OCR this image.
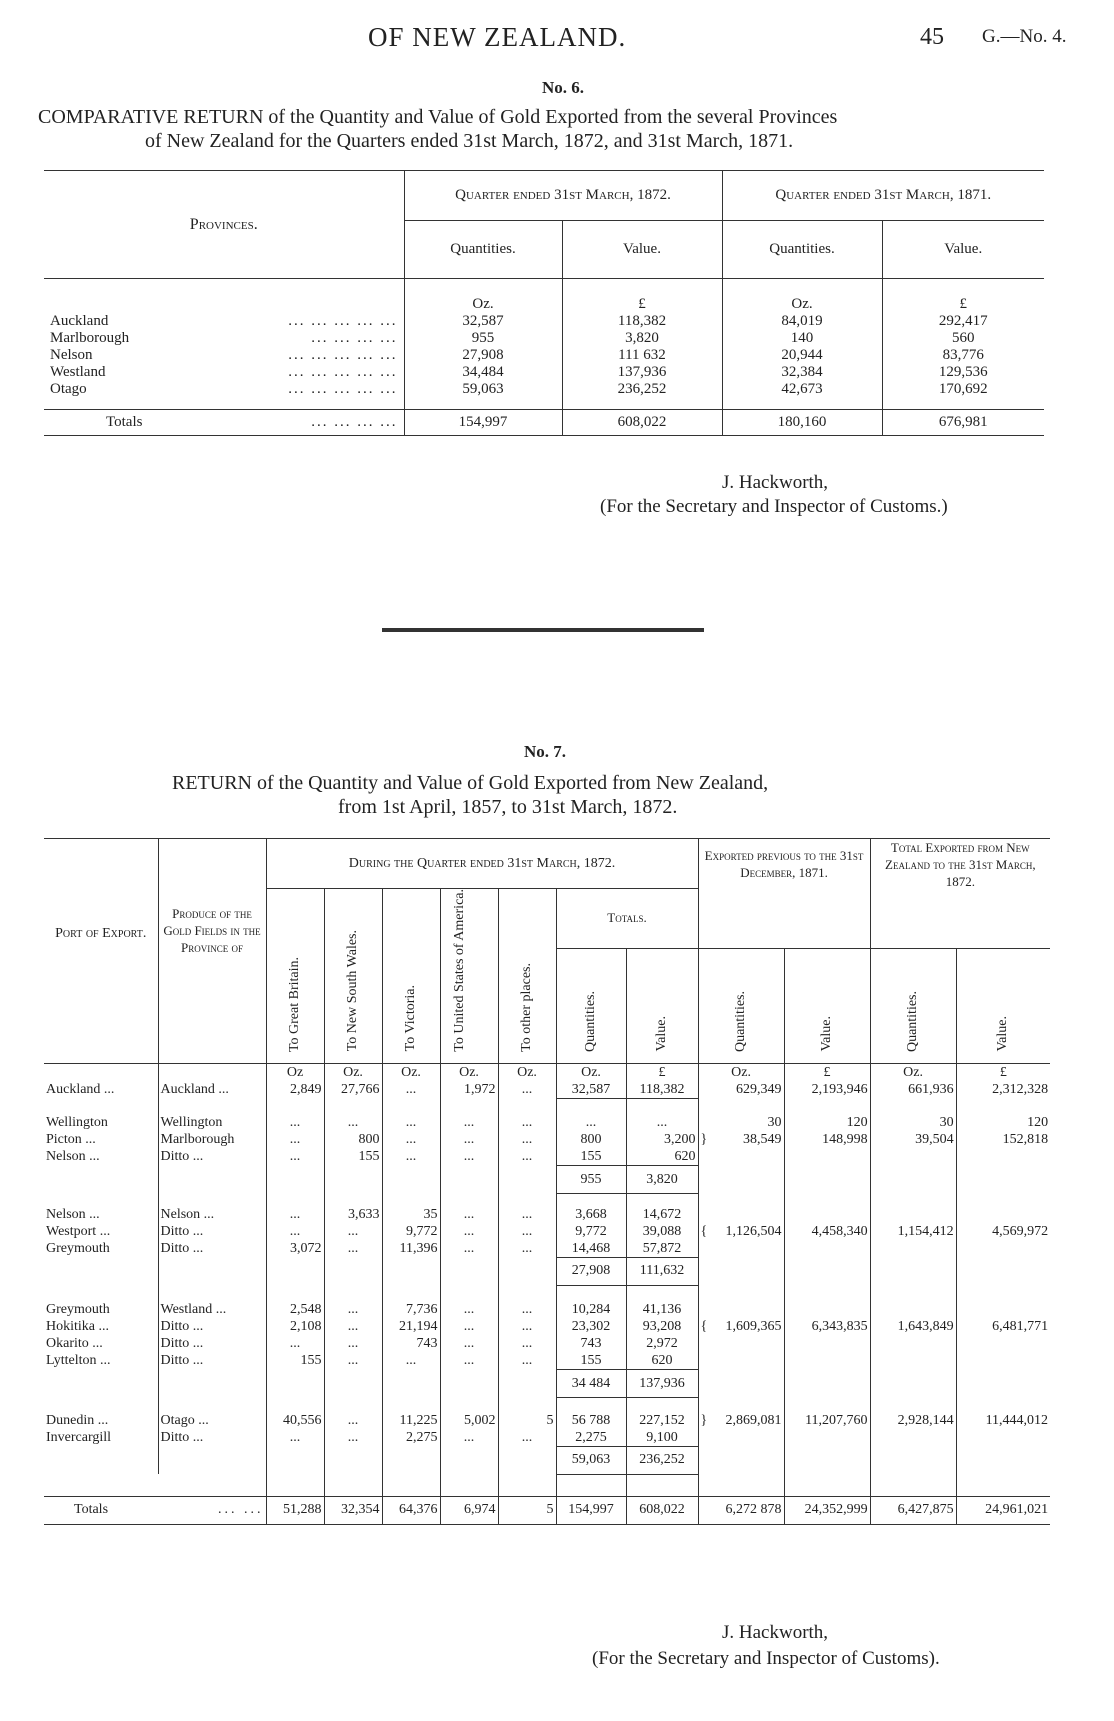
OF NEW ZEALAND.	45 G.—No. 4.
No. 6.
COMPARATIVE RETURN of the Quantity and Value of Gold Exported from the several Provinces
of New Zealand for the Quarters ended 31st March, 1872, and 31st March, 1871.
Provinces.	Quarter ended 31st March, 1872.		Quarter ended 31st March, 1871.	
	Quantities.	Value.	Quantities.	Value.
	Oz.	£	Oz.	£
Auckland ... ... ... ... ...	32,587	118,382	84,019	292,417
Marlborough ... ... ... ...	955	3,820	140	560
Nelson ... ... ... ... ...	27,908	111 632	20,944	83,776
Westland ... ... ... ... ...	34,484	137,936	32,384	129,536
Otago ... ... ... ... ...	59,063	236,252	42,673	170,692

Totals ... ... ... ...	154,997	608,022	180,160	676,981

J. Hackworth,
(For the Secretary and Inspector of Customs.)
No. 7.
RETURN of the Quantity and Value of Gold Exported from New Zealand,
from 1st April, 1857, to 31st March, 1872.
Port of Export.	Produce of the Gold Fields in the Province of	During the Quarter ended 31st March, 1872.							Exported previous to the 31st December, 1871.		Total Exported from New Zealand to the 31st March, 1872.	
		To Great Britain.	To New South Wales.	To Victoria.	To United States of America.	To other places.	Totals.					
							Quantities.	Value.	Quantities.	Value.	Quantities.	Value.
		Oz	Oz.	Oz.	Oz.	Oz.	Oz.	£	Oz.	£	Oz.	£
Auckland ...	Auckland ...	2,849	27,766	...	1,972	...	32,587	118,382	629,349	2,193,946	661,936	2,312,328

Wellington	Wellington	...	...	...	...	...	...	...	30	120	30	120
Picton ...	Marlborough	...	800	...	...	...	800	3,200	} 38,549	148,998	39,504	152,818
Nelson ...	Ditto ...	...	155	...	...	...	155	620				
							955	3,820				

Nelson ...	Nelson ...	...	3,633	35	...	...	3,668	14,672				
Westport ...	Ditto ...	...	...	9,772	...	...	9,772	39,088	{ 1,126,504	4,458,340	1,154,412	4,569,972
Greymouth	Ditto ...	3,072	...	11,396	...	...	14,468	57,872				
							27,908	111,632				

Greymouth	Westland ...	2,548	...	7,736	...	...	10,284	41,136				
Hokitika ...	Ditto ...	2,108	...	21,194	...	...	23,302	93,208	{ 1,609,365	6,343,835	1,643,849	6,481,771
Okarito ...	Ditto ...	...	...	743	...	...	743	2,972				
Lyttelton ...	Ditto ...	155	...	...	...	...	155	620				
							34 484	137,936				

Dunedin ...	Otago ...	40,556	...	11,225	5,002	5	56 788	227,152	} 2,869,081	11,207,760	2,928,144	11,444,012
Invercargill	Ditto ...	...	...	2,275	...	...	2,275	9,100				
							59,063	236,252				

Totals	... ...	51,288	32,354	64,376	6,974	5	154,997	608,022	6,272 878	24,352,999	6,427,875	24,961,021
J. Hackworth,
(For the Secretary and Inspector of Customs).
